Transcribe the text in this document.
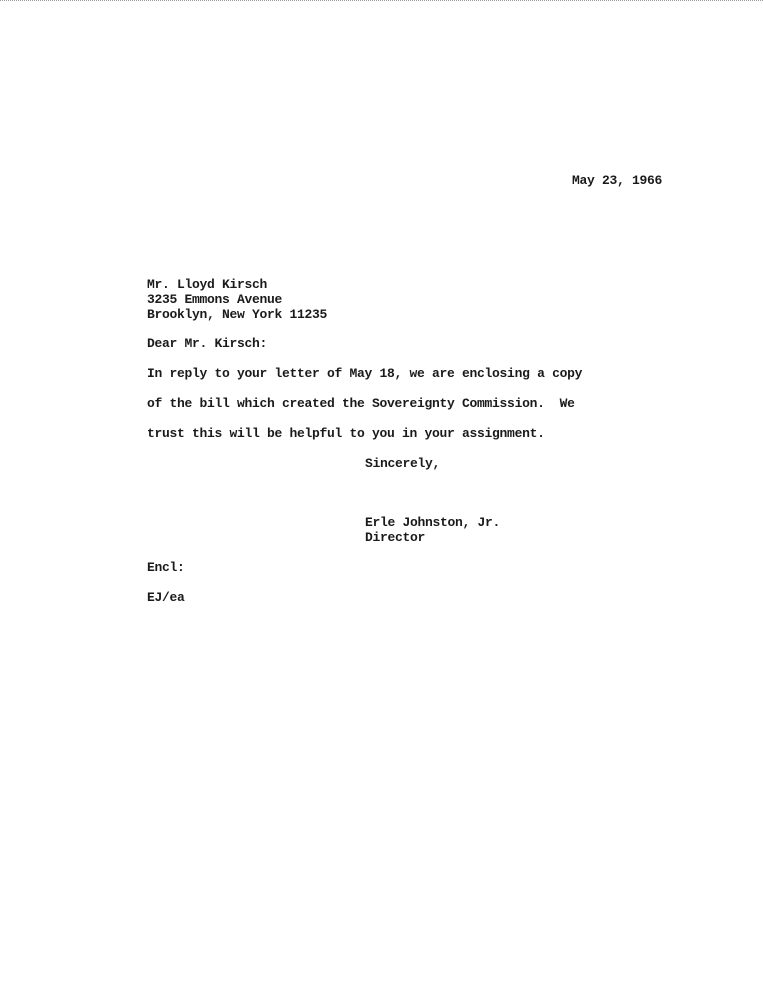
May 23, 1966
Mr. Lloyd Kirsch
3235 Emmons Avenue
Brooklyn, New York 11235
Dear Mr. Kirsch:
In reply to your letter of May 18, we are enclosing a copy
of the bill which created the Sovereignty Commission.  We
trust this will be helpful to you in your assignment.
Sincerely,
Erle Johnston, Jr.
Director
Encl:
EJ/ea
